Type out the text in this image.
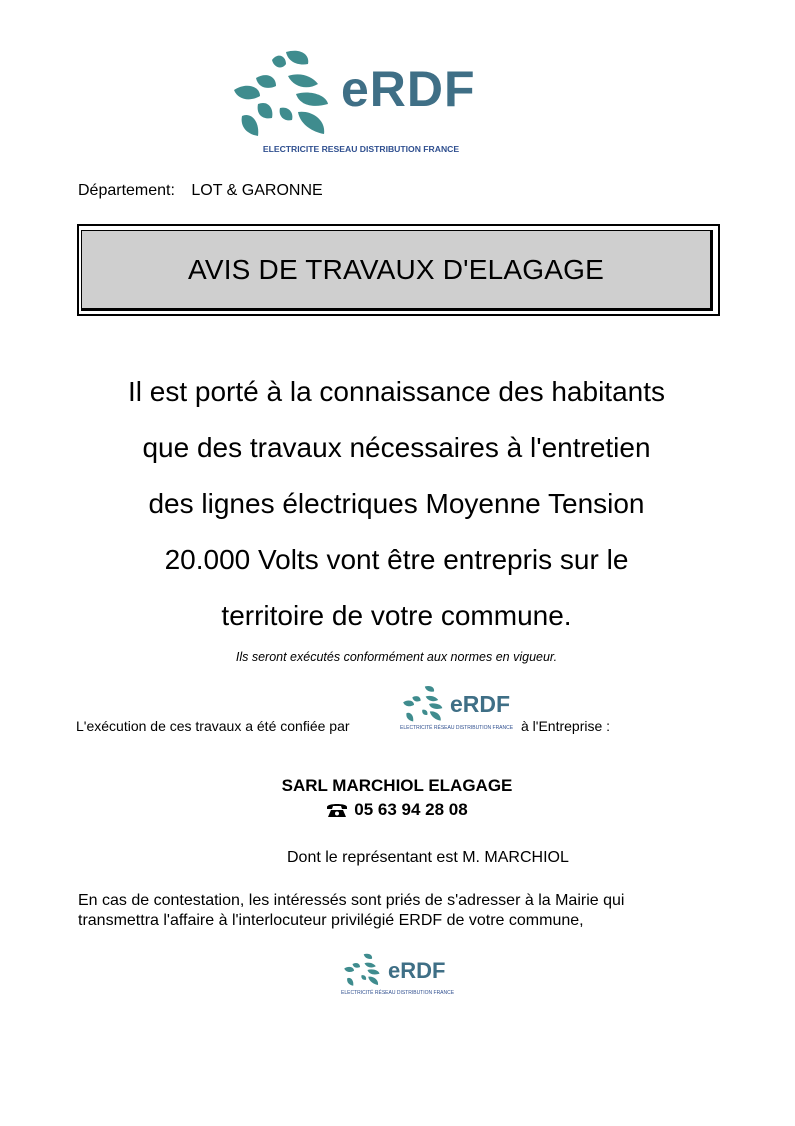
eRDF
ELECTRICITE RESEAU DISTRIBUTION FRANCE
Département: LOT & GARONNE
AVIS DE TRAVAUX D'ELAGAGE
Il est porté à la connaissance des habitants
que des travaux nécessaires à l'entretien
des lignes électriques Moyenne Tension
20.000 Volts vont être entrepris sur le
territoire de votre commune.
Ils seront exécutés conformément aux normes en vigueur.
L'exécution de ces travaux a été confiée par
eRDF
ELECTRICITÉ RÉSEAU DISTRIBUTION FRANCE à l'Entreprise :
SARL MARCHIOL ELAGAGE
05 63 94 28 08
Dont le représentant est M. MARCHIOL
En cas de contestation, les intéressés sont priés de s'adresser à la Mairie qui
transmettra l'affaire à l'interlocuteur privilégié ERDF de votre commune,
eRDF
ELECTRICITÉ RÉSEAU DISTRIBUTION FRANCE
